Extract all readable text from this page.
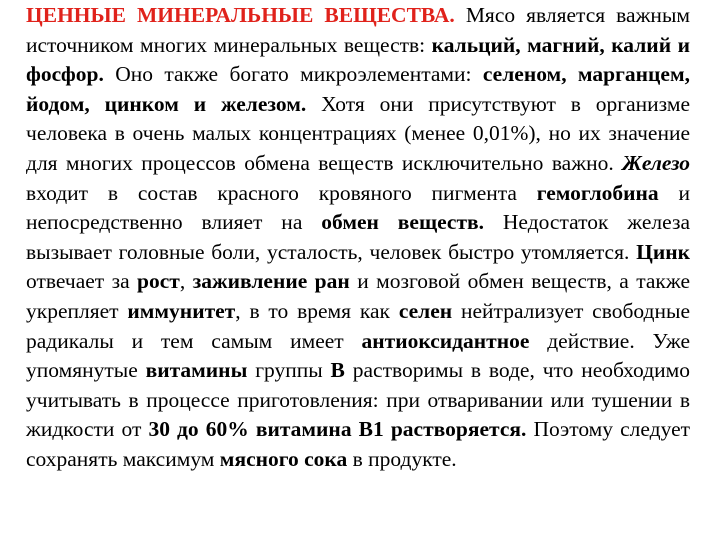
ЦЕННЫЕ МИНЕРАЛЬНЫЕ ВЕЩЕСТВА. Мясо является важным источником многих минеральных веществ: кальций, магний, калий и фосфор. Оно также богато микроэлементами: селеном, марганцем, йодом, цинком и железом. Хотя они присутствуют в организме человека в очень малых концентрациях (менее 0,01%), но их значение для многих процессов обмена веществ исключительно важно. Железо входит в состав красного кровяного пигмента гемоглобина и непосредственно влияет на обмен веществ. Недостаток железа вызывает головные боли, усталость, человек быстро утомляется. Цинк отвечает за рост, заживление ран и мозговой обмен веществ, а также укрепляет иммунитет, в то время как селен нейтрализует свободные радикалы и тем самым имеет антиоксидантное действие. Уже упомянутые витамины группы В растворимы в воде, что необходимо учитывать в процессе приготовления: при отваривании или тушении в жидкости от 30 до 60% витамина В1 растворяется. Поэтому следует сохранять максимум мясного сока в продукте.
